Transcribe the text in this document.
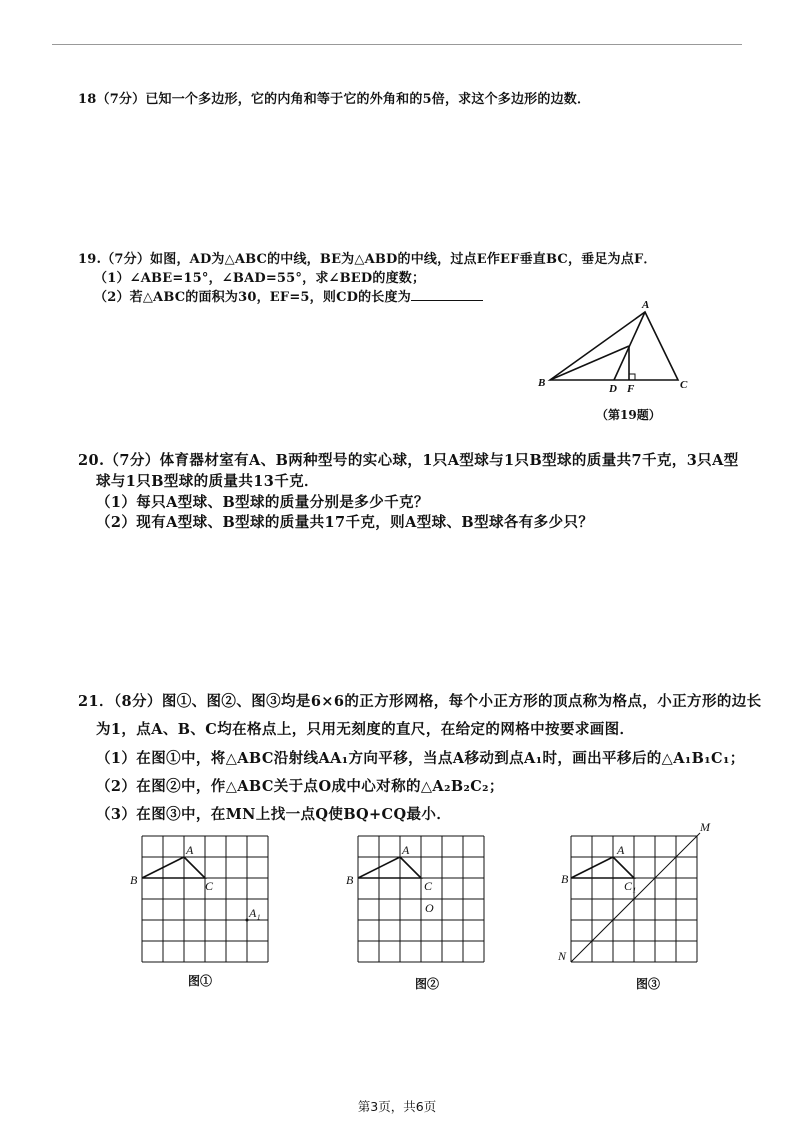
18（7分）已知一个多边形，它的内角和等于它的外角和的5倍，求这个多边形的边数．
19.（7分）如图，AD为△ABC的中线，BE为△ABD的中线，过点E作EF垂直BC，垂足为点F．
（1）∠ABE=15°，∠BAD=55°，求∠BED的度数；
（2）若△ABC的面积为30，EF=5，则CD的长度为	A
B	D F	C
（第19题）
20.（7分）体育器材室有A、B两种型号的实心球，1只A型球与1只B型球的质量共7千克，3只A型
球与1只B型球的质量共13千克．
（1）每只A型球、B型球的质量分别是多少千克？
（2）现有A型球、B型球的质量共17千克，则A型球、B型球各有多少只？
21．（8分）图①、图②、图③均是6×6的正方形网格，每个小正方形的顶点称为格点，小正方形的边长
为1，点A、B、C均在格点上，只用无刻度的直尺，在给定的网格中按要求画图．
（1）在图①中，将△ABC沿射线AA₁方向平移，当点A移动到点A₁时，画出平移后的△A₁B₁C₁；
（2）在图②中，作△ABC关于点O成中心对称的△A₂B₂C₂；
（3）在图③中，在MN上找一点Q使BQ+CQ最小．
A
B	C
A₁
图①
A
B	C
O
图②
A
B	C₁
M
N
图③
第3页，共6页
